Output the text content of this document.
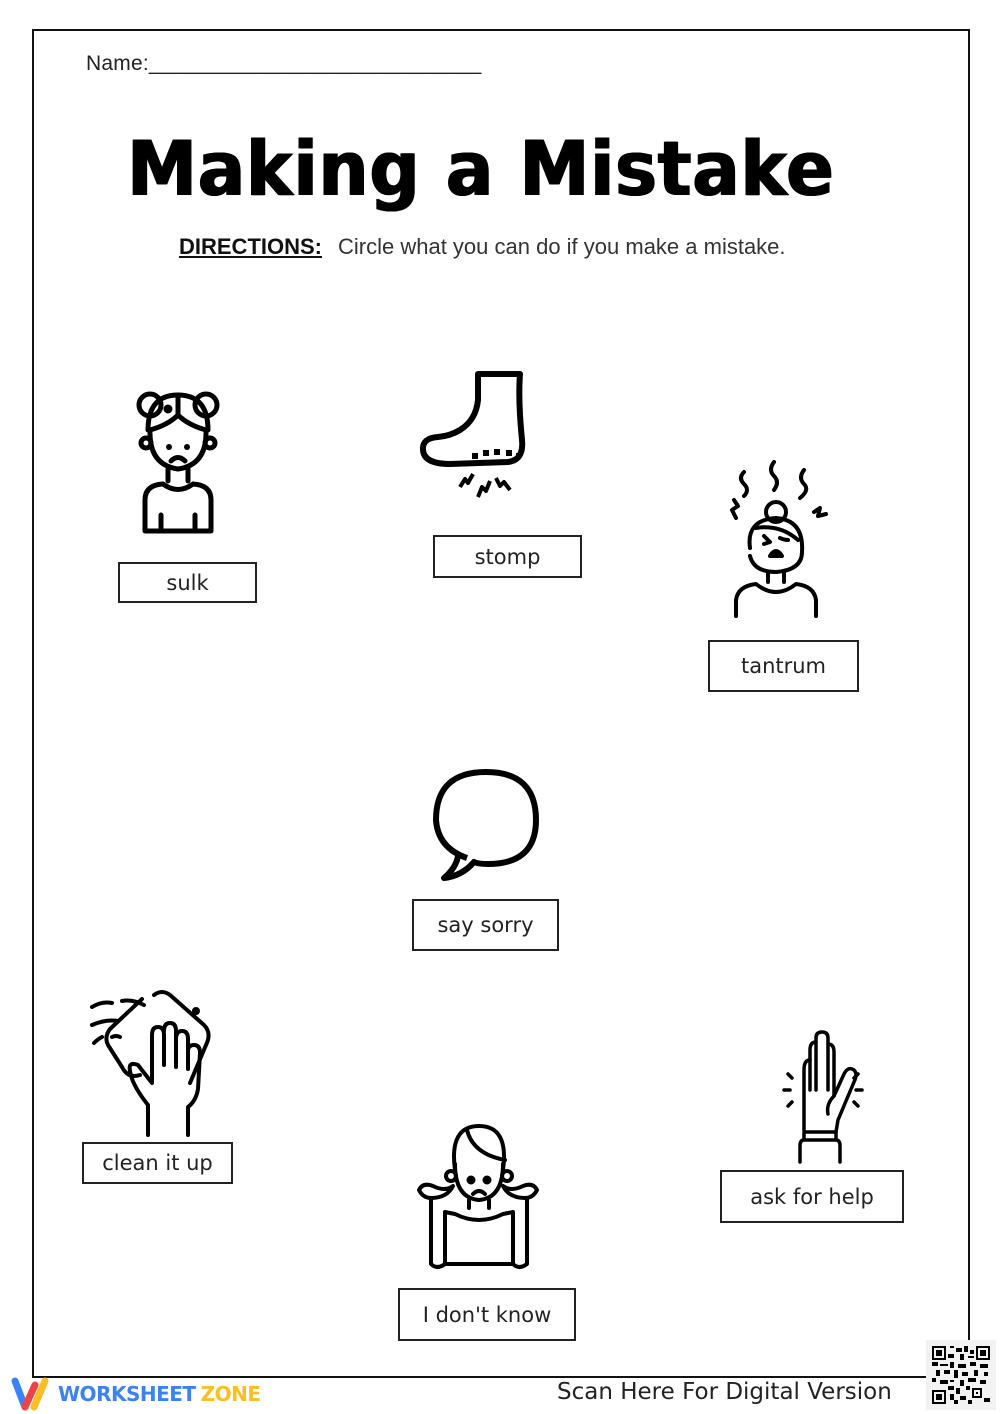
Name:____________________________
Making a Mistake
DIRECTIONS: Circle what you can do if you make a mistake.
sulk
stomp
tantrum
say sorry
clean it up
I don't know
ask for help
WORKSHEET ZONE	Scan Here For Digital Version
